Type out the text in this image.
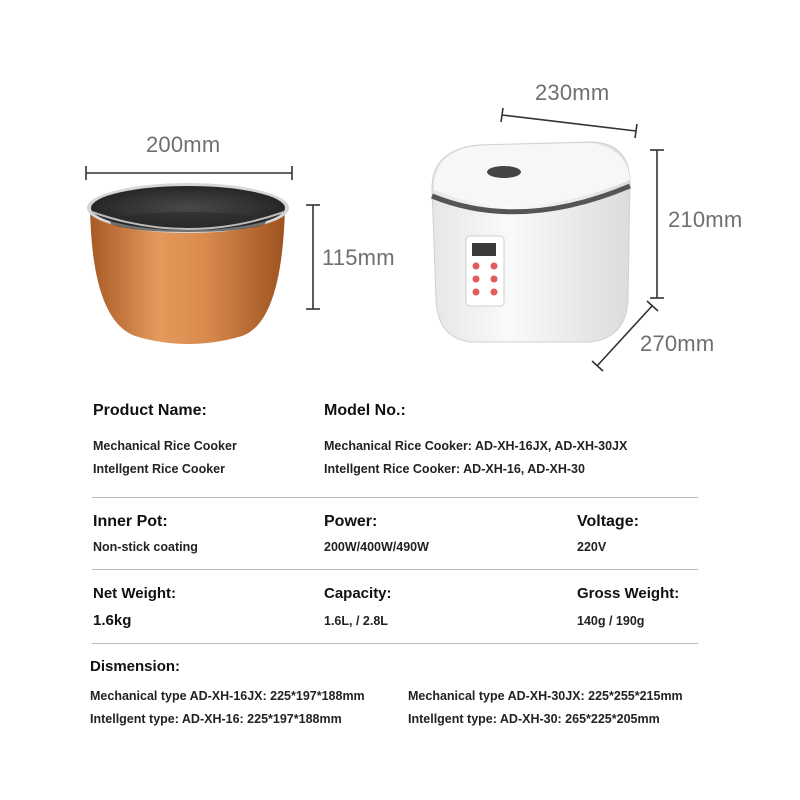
200mm
115mm
230mm
210mm
270mm
Product Name:
Mechanical Rice Cooker
Intellgent Rice Cooker
Model No.:
Mechanical Rice Cooker: AD-XH-16JX, AD-XH-30JX
Intellgent Rice Cooker: AD-XH-16, AD-XH-30
Inner Pot:
Non-stick coating
Power:
200W/400W/490W
Voltage:
220V
Net Weight:
1.6kg
Capacity:
1.6L, / 2.8L
Gross Weight:
140g / 190g
Dismension:
Mechanical type AD-XH-16JX: 225*197*188mm	Mechanical type AD-XH-30JX: 225*255*215mm
Intellgent type: AD-XH-16: 225*197*188mm	Intellgent type: AD-XH-30: 265*225*205mm
